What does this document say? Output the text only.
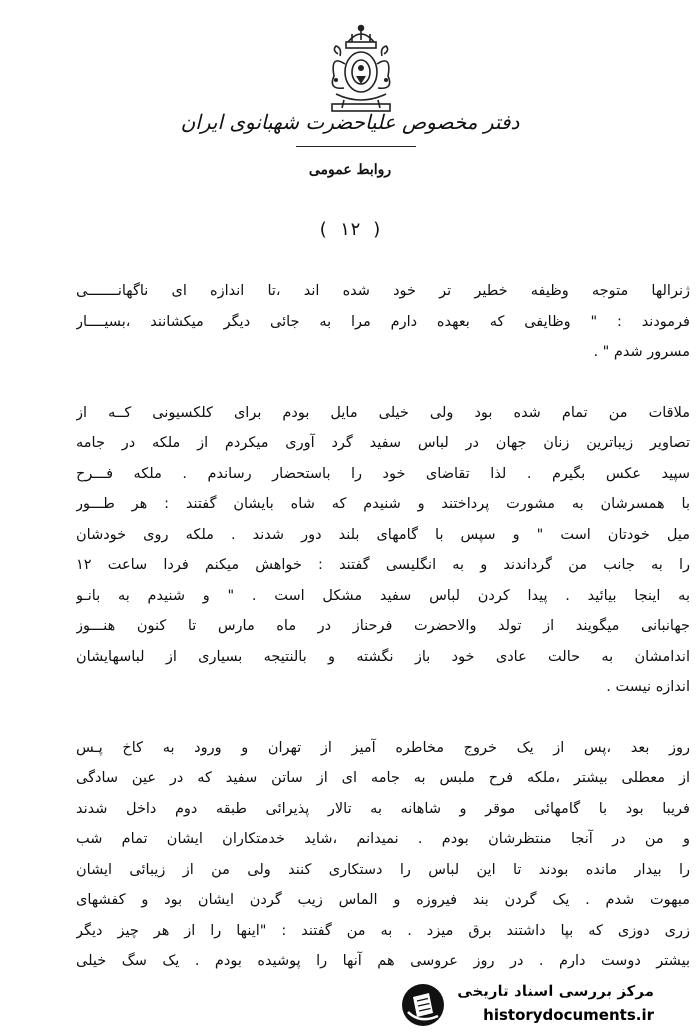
دفتر مخصوص علیاحضرت شهبانوی ایران
روابط عمومی
( ۱۲ )
ژنرالها متوجه وظیفه خطیر تر خود شده اند ،تا اندازه ای ناگهانـــــــی
فرمودند : " وظایفی که بعهده دارم مرا به جائی دیگر میکشانند ،بسیــــار
مسرور شدم " .
ملاقات من تمام شده بود ولی خیلی مایل بودم برای کلکسیونی کــه از
تصاویر زیباترین زنان جهان در لباس سفید گرد آوری میکردم از ملکه در جامه
سپید عکس بگیرم . لذا تقاضای خود را باستحضار رساندم . ملکه فـــرح
با همسرشان به مشورت پرداختند و شنیدم که شاه بایشان گفتند : هر طـــور
میل خودتان است " و سپس با گامهای بلند دور شدند . ملکه روی خودشان
را به جانب من گرداندند و به انگلیسی گفتند : خواهش میکنم فردا ساعت ۱۲
به اینجا بیائید . پیدا کردن لباس سفید مشکل است . " و شنیدم به بانـو
جهانبانی میگویند از تولد والاحضرت فرحناز در ماه مارس تا کنون هنـــوز
اندامشان به حالت عادی خود باز نگشته و بالنتیجه بسیاری از لباسهایشان
اندازه نیست .
روز بعد ،پس از یک خروج مخاطره آمیز از تهران و ورود به کاخ پـس
از معطلی بیشتر ،ملکه فرح ملبس به جامه ای از ساتن سفید که در عین سادگی
فریبا بود با گامهائی موقر و شاهانه به تالار پذیرائی طبقه دوم داخل شدند
و من در آنجا منتظرشان بودم . نمیدانم ،شاید خدمتکاران ایشان تمام شب
را بیدار مانده بودند تا این لباس را دستکاری کنند ولی من از زیبائی ایشان
مبهوت شدم . یک گردن بند فیروزه و الماس زیب گردن ایشان بود و کفشهای
زری دوزی که بپا داشتند برق میزد . به من گفتند : "اینها را از هر چیز دیگر
بیشتر دوست دارم . در روز عروسی هم آنها را پوشیده بودم . یک سگ خیلی
مرکز بررسی اسناد تاریخی
historydocuments.ir
